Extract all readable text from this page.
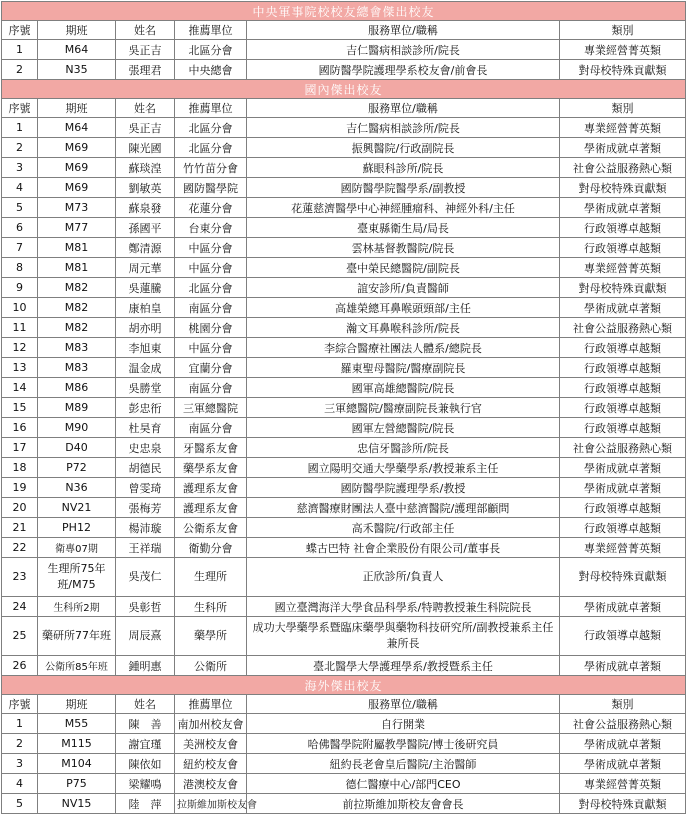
中央軍事院校校友總會傑出校友					
序號	期班	姓名	推薦單位	服務單位/職稱	類別
1	M64	吳正吉	北區分會	吉仁醫病相談診所/院長	專業經營菁英類
2	N35	張理君	中央總會	國防醫學院護理學系校友會/前會長	對母校特殊貢獻類
國內傑出校友					
序號	期班	姓名	推薦單位	服務單位/職稱	類別
1	M64	吳正吉	北區分會	吉仁醫病相談診所/院長	專業經營菁英類
2	M69	陳光國	北區分會	振興醫院/行政副院長	學術成就卓著類
3	M69	蘇琰湟	竹竹苗分會	蘇眼科診所/院長	社會公益服務熱心類
4	M69	劉敏英	國防醫學院	國防醫學院醫學系/副教授	對母校特殊貢獻類
5	M73	蘇泉發	花蓮分會	花蓮慈濟醫學中心神經腫瘤科、神經外科/主任	學術成就卓著類
6	M77	孫國平	台東分會	臺東縣衛生局/局長	行政領導卓越類
7	M81	鄭清源	中區分會	雲林基督教醫院/院長	行政領導卓越類
8	M81	周元華	中區分會	臺中榮民總醫院/副院長	專業經營菁英類
9	M82	吳蓮騰	北區分會	誼安診所/負責醫師	對母校特殊貢獻類
10	M82	康柏皇	南區分會	高雄榮總耳鼻喉頭頸部/主任	學術成就卓著類
11	M82	胡亦明	桃園分會	瀚文耳鼻喉科診所/院長	社會公益服務熱心類
12	M83	李旭東	中區分會	李綜合醫療社團法人體系/總院長	行政領導卓越類
13	M83	温金成	宜蘭分會	羅東聖母醫院/醫療副院長	行政領導卓越類
14	M86	吳勝堂	南區分會	國軍高雄總醫院/院長	行政領導卓越類
15	M89	彭忠衎	三軍總醫院	三軍總醫院/醫療副院長兼執行官	行政領導卓越類
16	M90	杜昊育	南區分會	國軍左營總醫院/院長	行政領導卓越類
17	D40	史忠泉	牙醫系友會	忠信牙醫診所/院長	社會公益服務熱心類
18	P72	胡德民	藥學系友會	國立陽明交通大學藥學系/教授兼系主任	學術成就卓著類
19	N36	曾雯琦	護理系友會	國防醫學院護理學系/教授	學術成就卓著類
20	NV21	張梅芳	護理系友會	慈濟醫療財團法人臺中慈濟醫院/護理部顧問	行政領導卓越類
21	PH12	楊沛璇	公衛系友會	高禾醫院/行政部主任	行政領導卓越類
22	衛專07期	王祥瑞	衛勤分會	蝶古巴特 社會企業股份有限公司/董事長	專業經營菁英類
23	生理所75年班/M75	吳茂仁	生理所	正欣診所/負責人	對母校特殊貢獻類
24	生科所2期	吳彰哲	生科所	國立臺灣海洋大學食品科學系/特聘教授兼生科院院長	學術成就卓著類
25	藥研所77年班	周辰熹	藥學所	成功大學藥學系暨臨床藥學與藥物科技研究所/副教授兼系主任兼所長	行政領導卓越類
26	公衛所85年班	鍾明惠	公衛所	臺北醫學大學護理學系/教授暨系主任	學術成就卓著類
海外傑出校友					
序號	期班	姓名	推薦單位	服務單位/職稱	類別
1	M55	陳　善	南加州校友會	自行開業	社會公益服務熱心類
2	M115	謝宜瑾	美洲校友會	哈佛醫學院附屬教學醫院/博士後研究員	學術成就卓著類
3	M104	陳依如	紐約校友會	紐約長老會皇后醫院/主治醫師	學術成就卓著類
4	P75	梁耀鳴	港澳校友會	德仁醫療中心/部門CEO	專業經營菁英類
5	NV15	陸　萍	拉斯維加斯校友會	前拉斯維加斯校友會會長	對母校特殊貢獻類
